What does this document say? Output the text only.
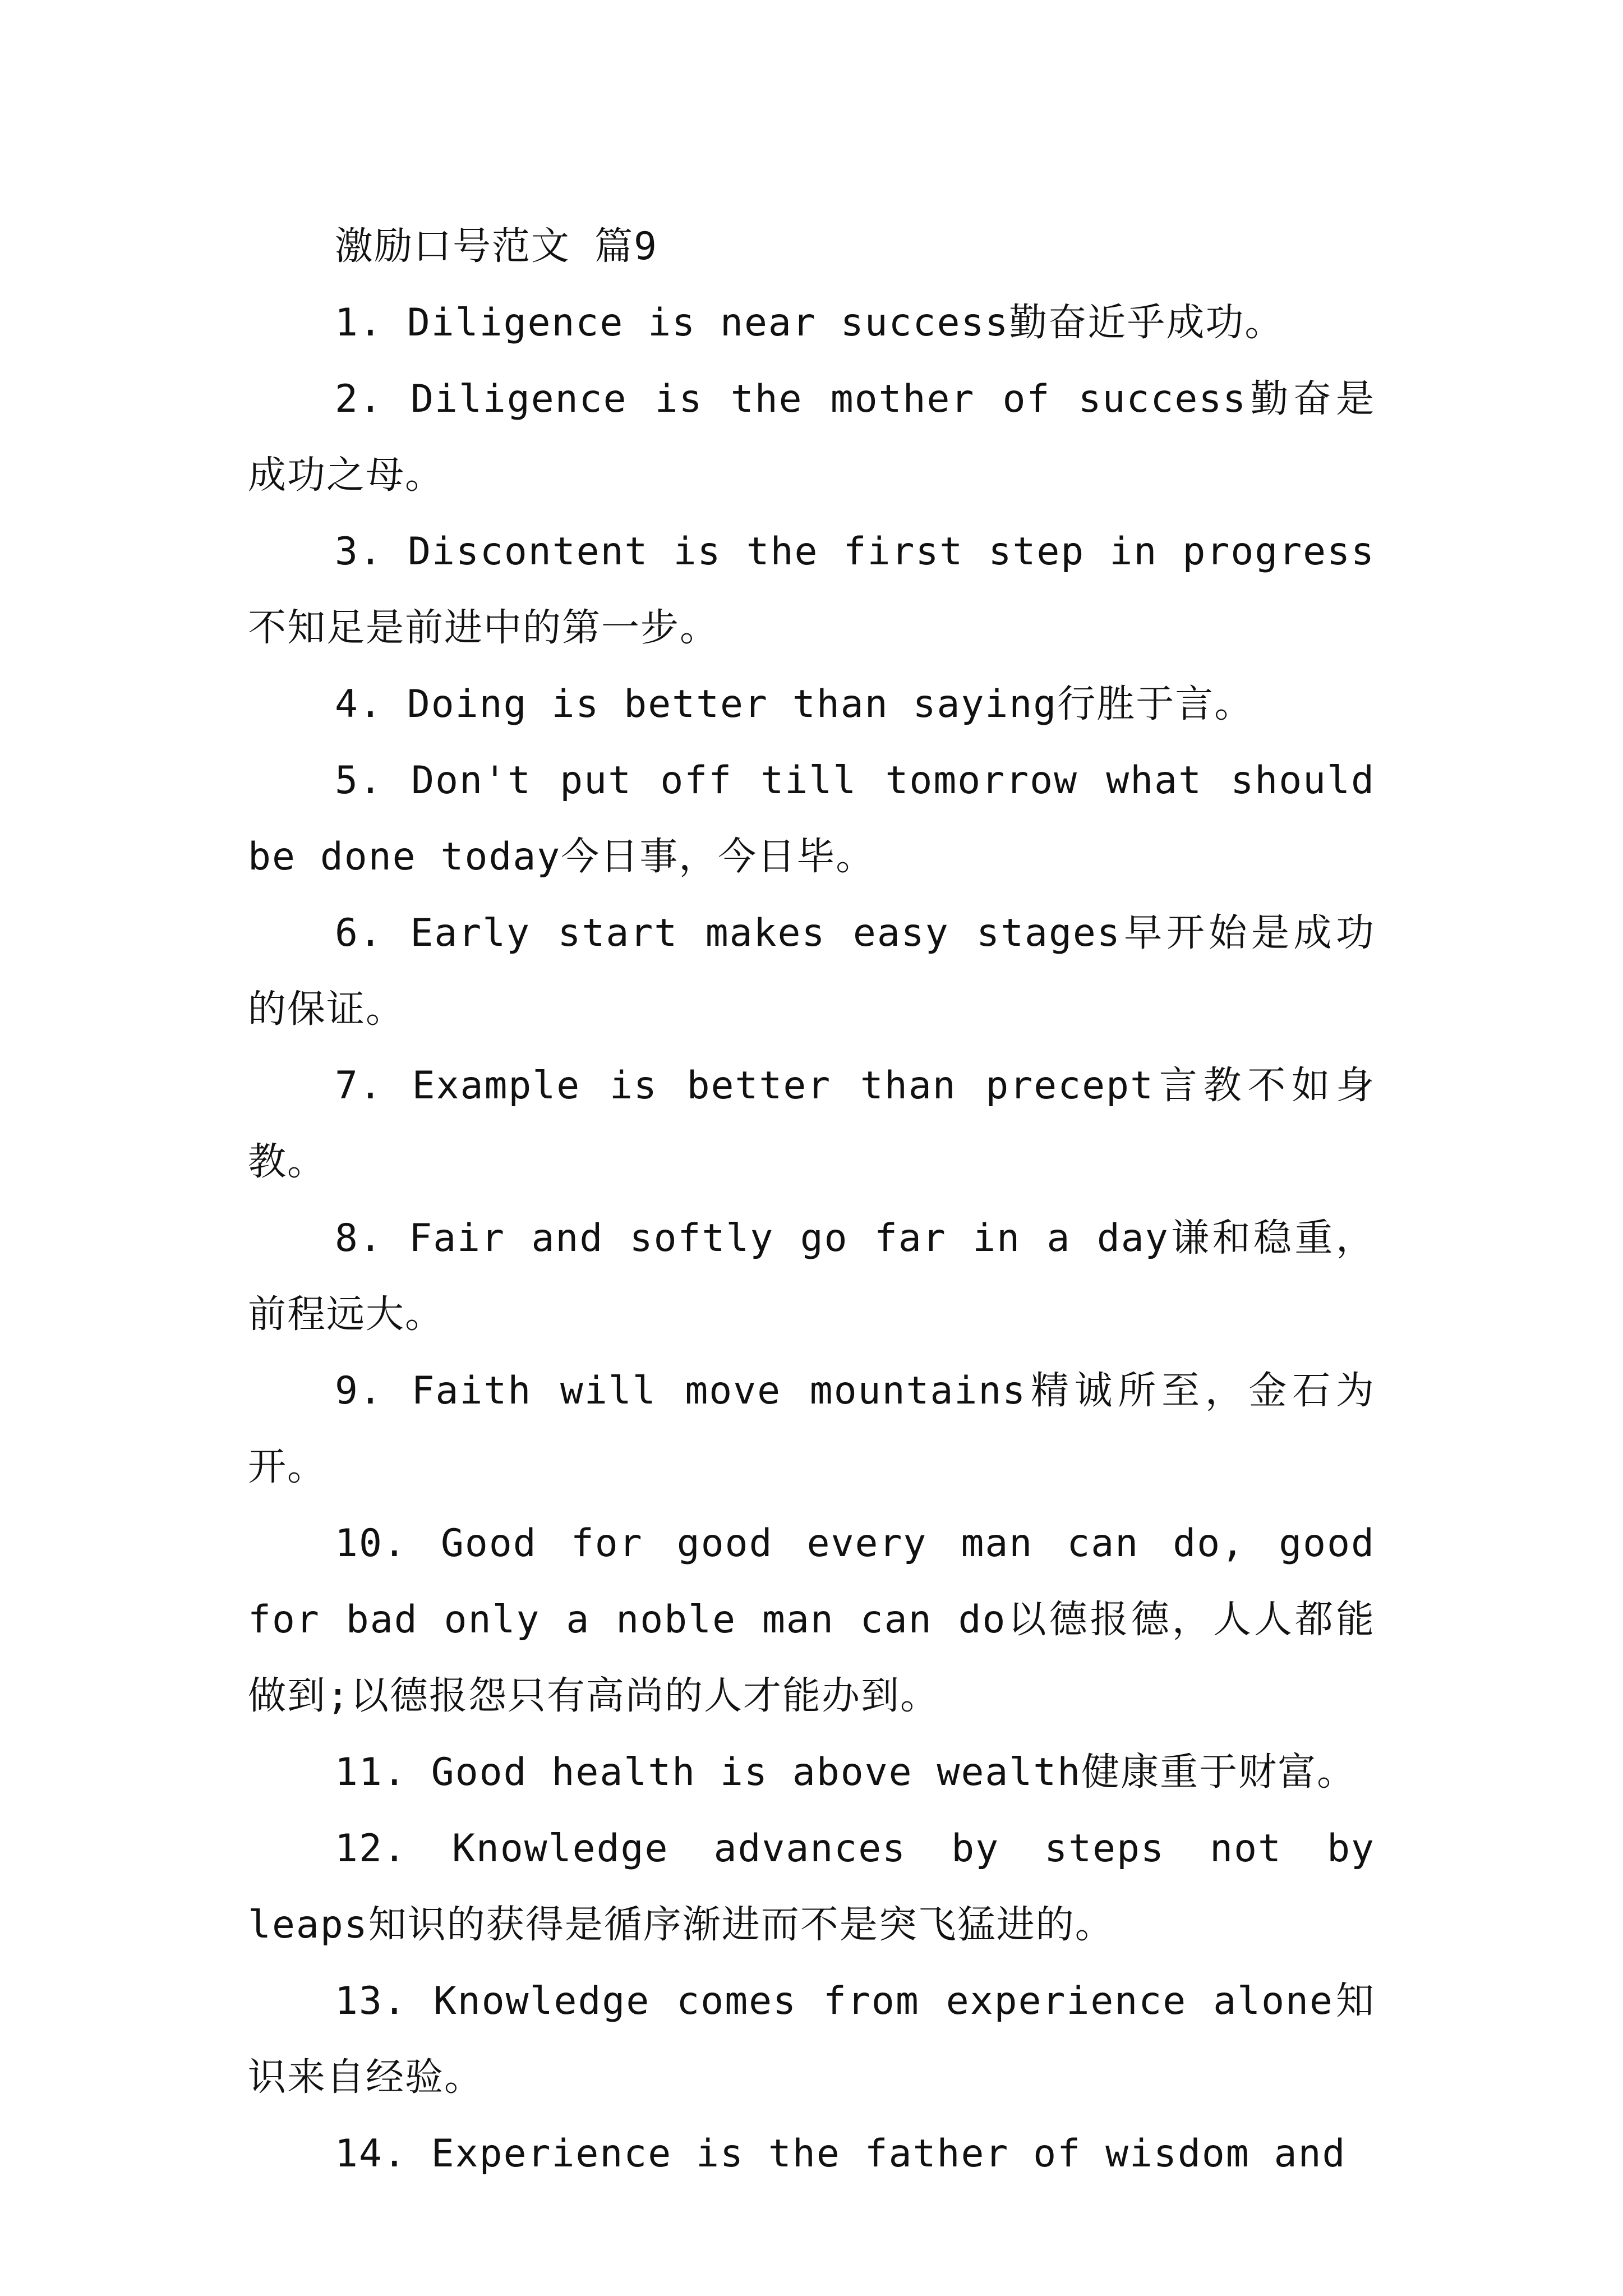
激励口号范文 篇9

1. Diligence is near success勤奋近乎成功。

2. Diligence is the mother of success勤奋是成功之母。

3. Discontent is the first step in progress不知足是前进中的第一步。

4. Doing is better than saying行胜于言。

5. Don't put off till tomorrow what should be done today今日事，今日毕。

6. Early start makes easy stages早开始是成功的保证。

7. Example is better than precept言教不如身教。

8. Fair and softly go far in a day谦和稳重，前程远大。

9. Faith will move mountains精诚所至，金石为开。

10. Good for good every man can do, good for bad only a noble man can do以德报德，人人都能做到;以德报怨只有高尚的人才能办到。

11. Good health is above wealth健康重于财富。

12. Knowledge advances by steps not by leaps知识的获得是循序渐进而不是突飞猛进的。

13. Knowledge comes from experience alone知识来自经验。

14. Experience is the father of wisdom and
